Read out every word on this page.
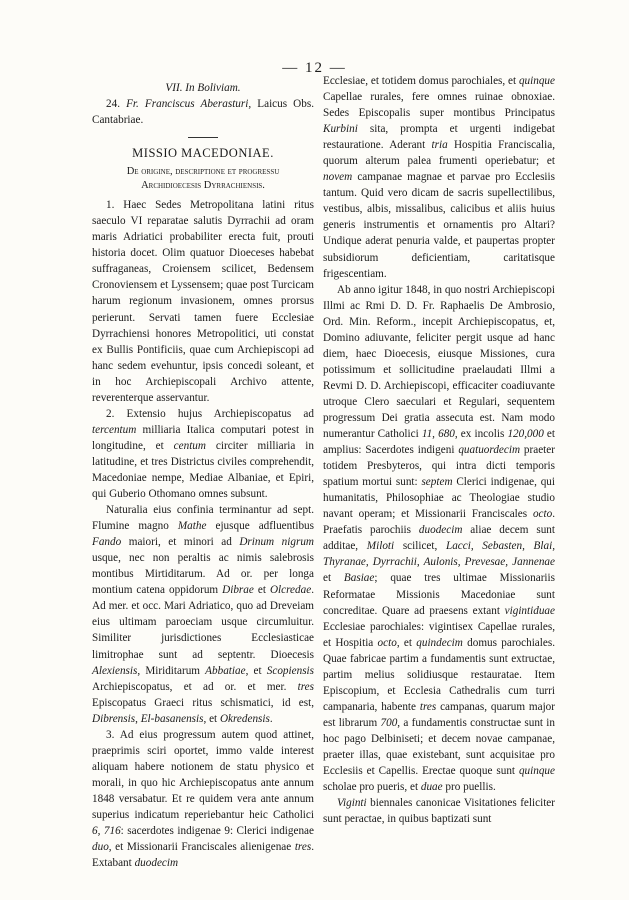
— 12 —

VII. In Boliviam.

24. Fr. Franciscus Aberasturi, Laicus Obs. Cantabriae.

MISSIO MACEDONIAE.
De origine, descriptione et progressu
Archidioecesis Dyrrachiensis.

1. Haec Sedes Metropolitana latini ritus saeculo VI reparatae salutis Dyrrachii ad oram maris Adriatici probabiliter erecta fuit, prouti historia docet. Olim quatuor Dioeceses habebat suffraganeas, Croiensem scilicet, Bedensem Cronoviensem et Lyssensem; quae post Turcicam harum regionum invasionem, omnes prorsus perierunt. Servati tamen fuere Ecclesiae Dyrrachiensi honores Metropolitici, uti constat ex Bullis Pontificiis, quae cum Archiepiscopi ad hanc sedem evehuntur, ipsis concedi soleant, et in hoc Archiepiscopali Archivo attente, reverenterque asservantur.

2. Extensio hujus Archiepiscopatus ad tercentum milliaria Italica computari potest in longitudine, et centum circiter milliaria in latitudine, et tres Districtus civiles comprehendit, Macedoniae nempe, Mediae Albaniae, et Epiri, qui Guberio Othomano omnes subsunt.

Naturalia eius confinia terminantur ad sept. Flumine magno Mathe ejusque adfluentibus Fando maiori, et minori ad Drinum nigrum usque, nec non peraltis ac nimis salebrosis montibus Mirtiditarum. Ad or. per longa montium catena oppidorum Dibrae et Olcredae. Ad mer. et occ. Mari Adriatico, quo ad Dreveiam eius ultimam paroeciam usque circumluitur. Similiter jurisdictiones Ecclesiasticae limitrophae sunt ad septentr. Dioecesis Alexiensis, Miriditarum Abbatiae, et Scopiensis Archiepiscopatus, et ad or. et mer. tres Episcopatus Graeci ritus schismatici, id est, Dibrensis, El-basanensis, et Okredensis.

3. Ad eius progressum autem quod attinet, praeprimis sciri oportet, immo valde interest aliquam habere notionem de statu physico et morali, in quo hic Archiepiscopatus ante annum 1848 versabatur. Et re quidem vera ante annum superius indicatum reperiebantur heic Catholici 6, 716: sacerdotes indigenae 9: Clerici indigenae duo, et Missionarii Franciscales alienigenae tres. Extabant duodecim

Ecclesiae, et totidem domus parochiales, et quinque Capellae rurales, fere omnes ruinae obnoxiae. Sedes Episcopalis super montibus Principatus Kurbini sita, prompta et urgenti indigebat restauratione. Aderant tria Hospitia Franciscalia, quorum alterum palea frumenti operiebatur; et novem campanae magnae et parvae pro Ecclesiis tantum. Quid vero dicam de sacris supellectilibus, vestibus, albis, missalibus, calicibus et aliis huius generis instrumentis et ornamentis pro Altari? Undique aderat penuria valde, et paupertas propter subsidiorum deficientiam, caritatisque frigescentiam.

Ab anno igitur 1848, in quo nostri Archiepiscopi Illmi ac Rmi D. D. Fr. Raphaelis De Ambrosio, Ord. Min. Reform., incepit Archiepiscopatus, et, Domino adiuvante, feliciter pergit usque ad hanc diem, haec Dioecesis, eiusque Missiones, cura potissimum et sollicitudine praelaudati Illmi a Revmi D. D. Archiepiscopi, efficaciter coadiuvante utroque Clero saeculari et Regulari, sequentem progressum Dei gratia assecuta est. Nam modo numerantur Catholici 11, 680, ex incolis 120,000 et amplius: Sacerdotes indigeni quatuordecim praeter totidem Presbyteros, qui intra dicti temporis spatium mortui sunt: septem Clerici indigenae, qui humanitatis, Philosophiae ac Theologiae studio navant operam; et Missionarii Franciscales octo. Praefatis parochiis duodecim aliae decem sunt additae, Miloti scilicet, Lacci, Sebasten, Blai, Thyranae, Dyrrachii, Aulonis, Prevesae, Jannenae et Basiae; quae tres ultimae Missionariis Reformatae Missionis Macedoniae sunt concreditae. Quare ad praesens extant vigintiduae Ecclesiae parochiales: vigintisex Capellae rurales, et Hospitia octo, et quindecim domus parochiales. Quae fabricae partim a fundamentis sunt extructae, partim melius solidiusque restauratae. Item Episcopium, et Ecclesia Cathedralis cum turri campanaria, habente tres campanas, quarum major est librarum 700, a fundamentis constructae sunt in hoc pago Delbiniseti; et decem novae campanae, praeter illas, quae existebant, sunt acquisitae pro Ecclesiis et Capellis. Erectae quoque sunt quinque scholae pro pueris, et duae pro puellis.

Viginti biennales canonicae Visitationes feliciter sunt peractae, in quibus baptizati sunt
